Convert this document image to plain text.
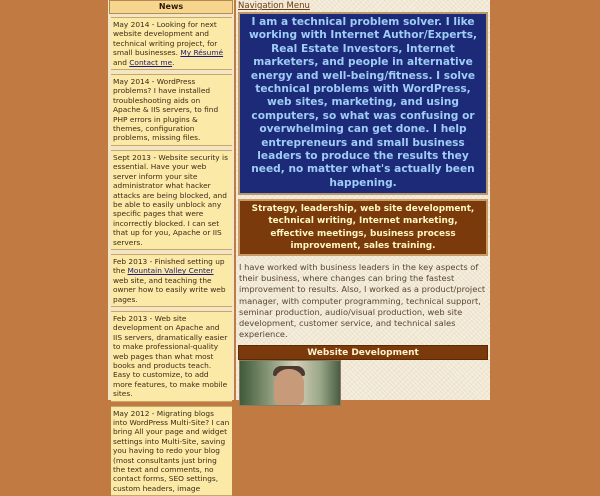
News
May 2014 - Looking for next website development and technical writing project, for small businesses. My Résumé and Contact me.
May 2014 - WordPress problems? I have installed troubleshooting aids on Apache & IIS servers, to find PHP errors in plugins & themes, configuration problems, missing files.
Sept 2013 - Website security is essential. Have your web server inform your site administrator what hacker attacks are being blocked, and be able to easily unblock any specific pages that were incorrectly blocked. I can set that up for you, Apache or IIS servers.
Feb 2013 - Finished setting up the Mountain Valley Center web site, and teaching the owner how to easily write web pages.
Feb 2013 - Web site development on Apache and IIS servers, dramatically easier to make professional-quality web pages than what most books and products teach. Easy to customize, to add more features, to make mobile sites.
May 2012 - Migrating blogs into WordPress Multi-Site? I can bring All your page and widget settings into Multi-Site, saving you having to redo your blog (most consultants just bring the text and comments, no contact forms, SEO settings, custom headers, image
Navigation Menu
I am a technical problem solver. I like working with Internet Author/Experts, Real Estate Investors, Internet marketers, and people in alternative energy and well-being/fitness. I solve technical problems with WordPress, web sites, marketing, and using computers, so what was confusing or overwhelming can get done. I help entrepreneurs and small business leaders to produce the results they need, no matter what's actually been happening.
Strategy, leadership, web site development, technical writing, Internet marketing, effective meetings, business process improvement, sales training.
I have worked with business leaders in the key aspects of their business, where changes can bring the fastest improvement to results. Also, I worked as a product/project manager, with computer programming, technical support, seminar production, audio/visual production, web site development, customer service, and technical sales experience.
Website Development
